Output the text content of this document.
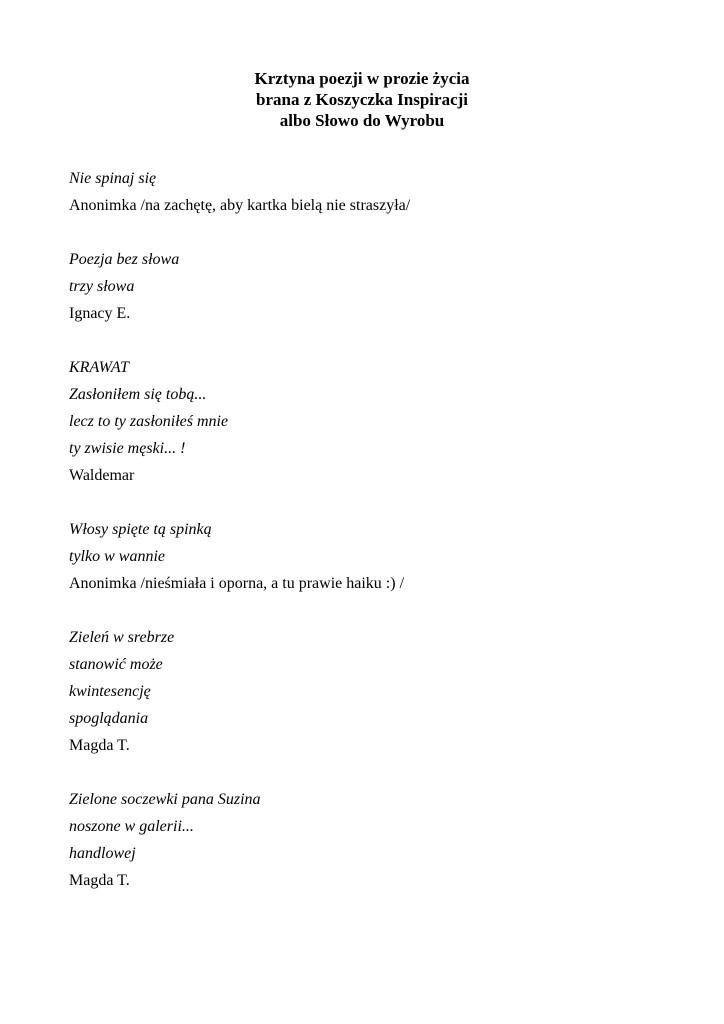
Krztyna poezji w prozie życia
brana z Koszyczka Inspiracji
albo Słowo do Wyrobu
Nie spinaj się
Anonimka /na zachętę, aby kartka bielą nie straszyła/
Poezja bez słowa
trzy słowa
Ignacy E.
KRAWAT
Zasłoniłem się tobą...
lecz to ty zasłoniłeś mnie
ty zwisie męski... !
Waldemar
Włosy spięte tą spinką
tylko w wannie
Anonimka /nieśmiała i oporna, a tu prawie haiku :) /
Zieleń w srebrze
stanowić może
kwintesencję
spoglądania
Magda T.
Zielone soczewki pana Suzina
noszone w galerii...
handlowej
Magda T.
